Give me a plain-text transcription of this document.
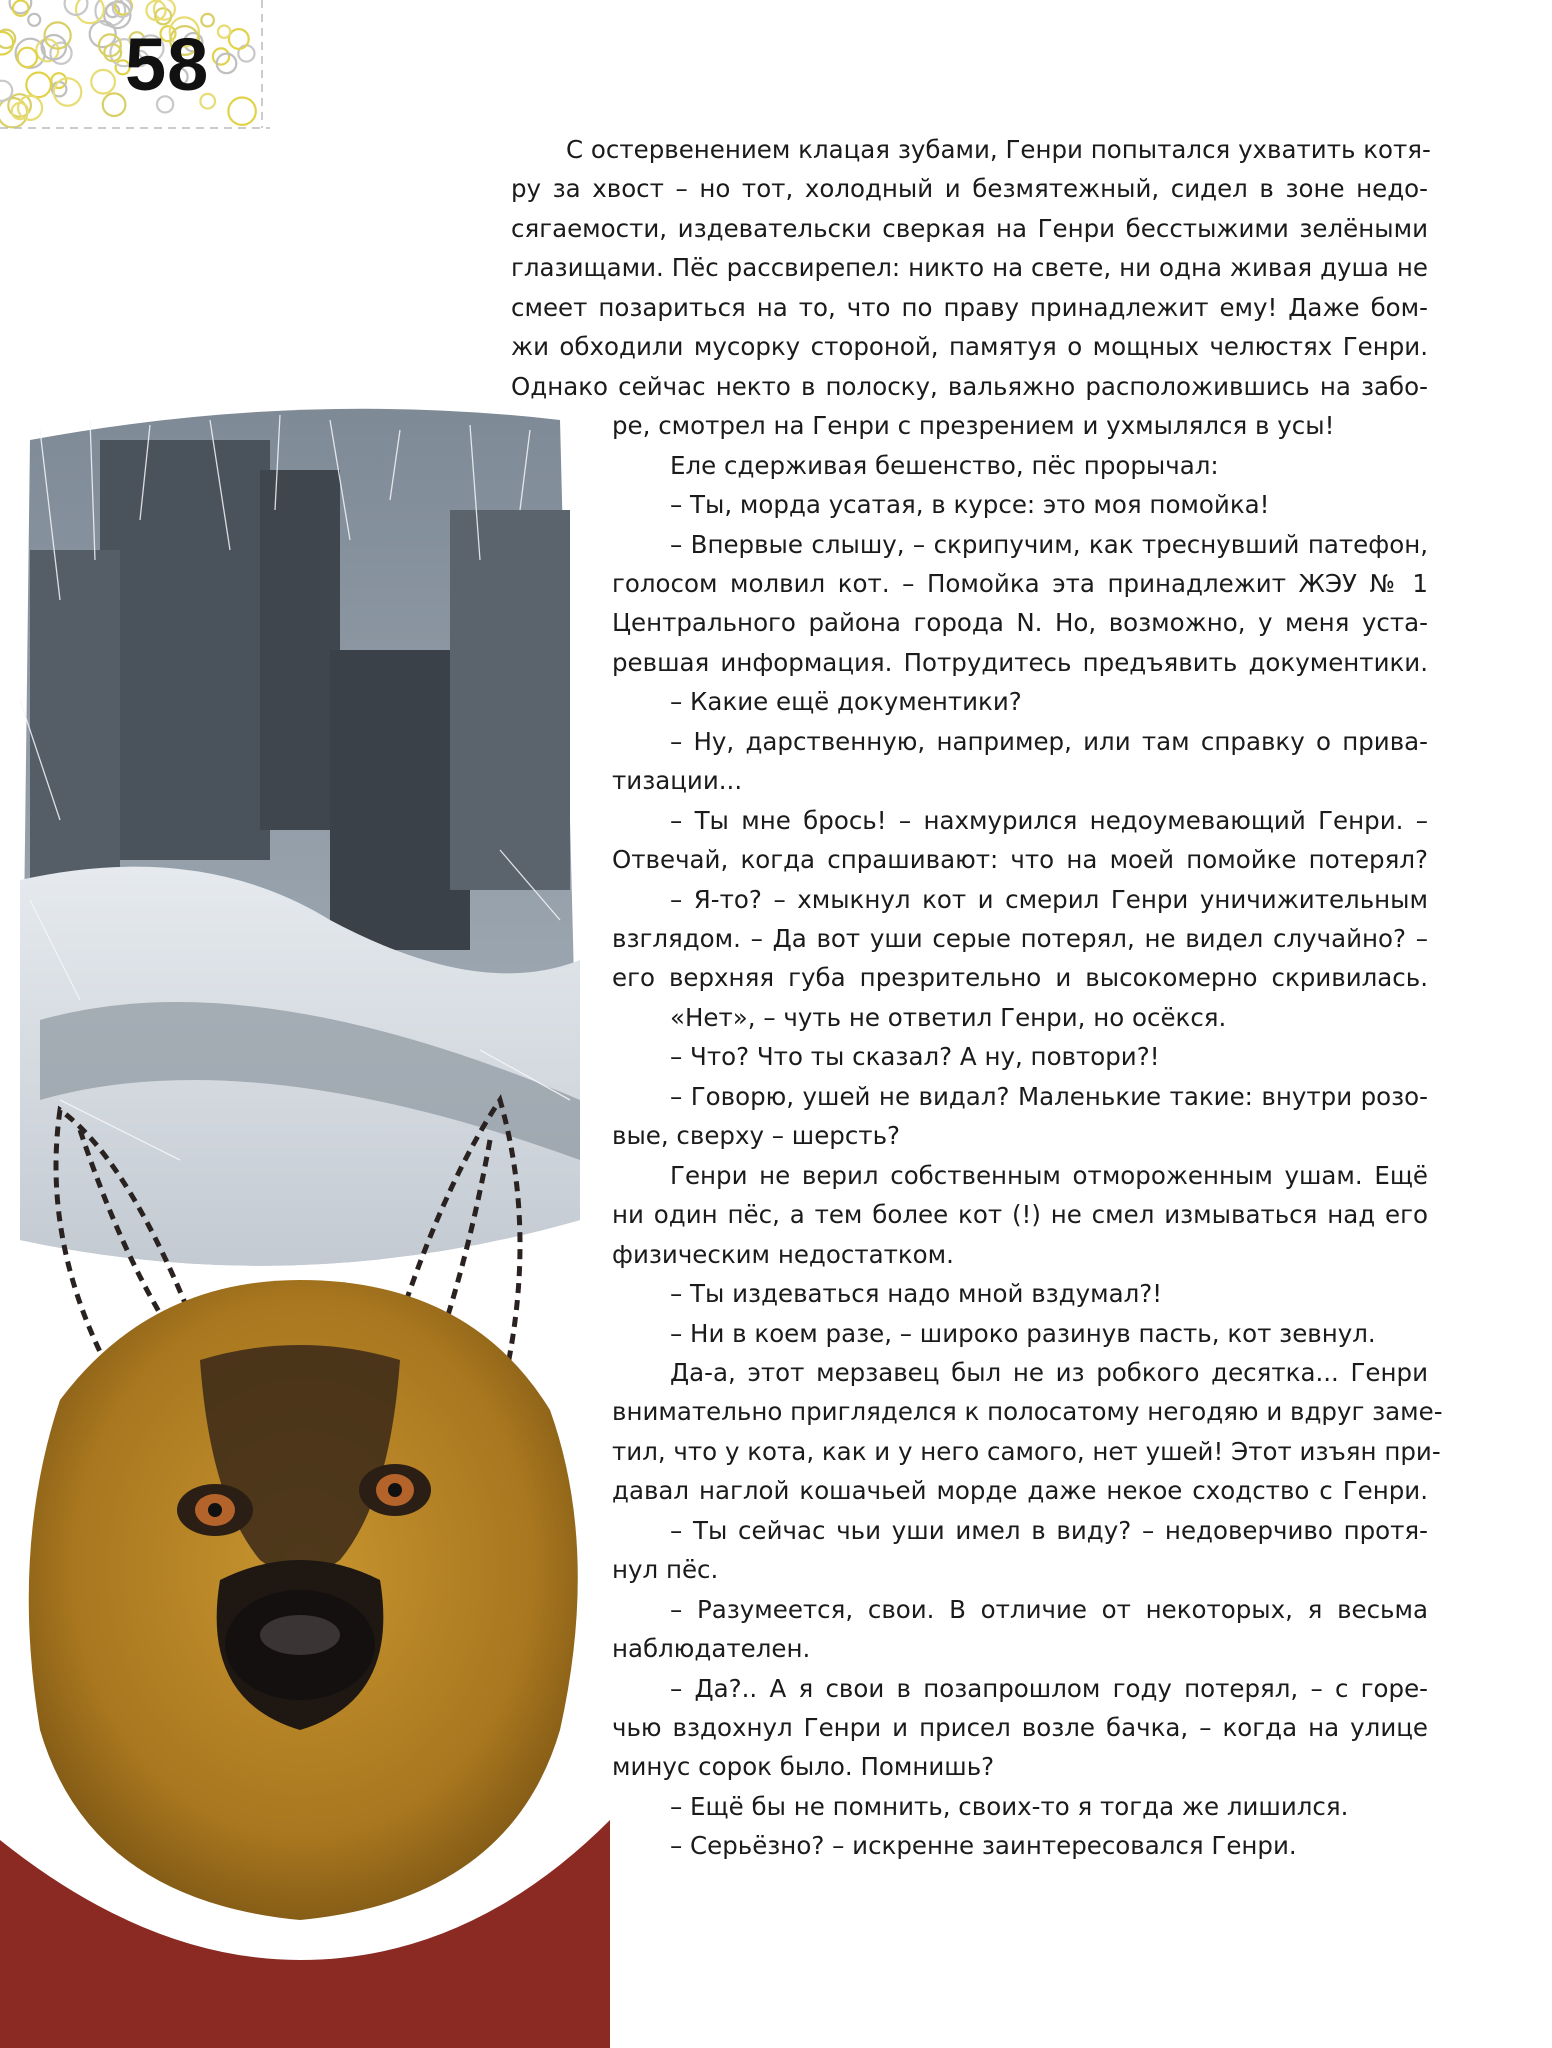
58
С остервенением клацая зубами, Генри попытался ухватить котя-
ру за хвост – но тот, холодный и безмятежный, сидел в зоне недо-
сягаемости, издевательски сверкая на Генри бесстыжими зелёными
глазищами. Пёс рассвирепел: никто на свете, ни одна живая душа не
смеет позариться на то, что по праву принадлежит ему! Даже бом-
жи обходили мусорку стороной, памятуя о мощных челюстях Генри.
Однако сейчас некто в полоску, вальяжно расположившись на забо-
ре, смотрел на Генри с презрением и ухмылялся в усы!
Еле сдерживая бешенство, пёс прорычал:
– Ты, морда усатая, в курсе: это моя помойка!
– Впервые слышу, – скрипучим, как треснувший патефон,
голосом молвил кот. – Помойка эта принадлежит ЖЭУ № 1
Центрального района города N. Но, возможно, у меня уста-
ревшая информация. Потрудитесь предъявить документики.
– Какие ещё документики?
– Ну, дарственную, например, или там справку о прива-
тизации...
– Ты мне брось! – нахмурился недоумевающий Генри. –
Отвечай, когда спрашивают: что на моей помойке потерял?
– Я-то? – хмыкнул кот и смерил Генри уничижительным
взглядом. – Да вот уши серые потерял, не видел случайно? –
его верхняя губа презрительно и высокомерно скривилась.
«Нет», – чуть не ответил Генри, но осёкся.
– Что? Что ты сказал? А ну, повтори?!
– Говорю, ушей не видал? Маленькие такие: внутри розо-
вые, сверху – шерсть?
Генри не верил собственным отмороженным ушам. Ещё
ни один пёс, а тем более кот (!) не смел измываться над его
физическим недостатком.
– Ты издеваться надо мной вздумал?!
– Ни в коем разе, – широко разинув пасть, кот зевнул.
Да-а, этот мерзавец был не из робкого десятка... Генри
внимательно пригляделся к полосатому негодяю и вдруг заме-
тил, что у кота, как и у него самого, нет ушей! Этот изъян при-
давал наглой кошачьей морде даже некое сходство с Генри.
– Ты сейчас чьи уши имел в виду? – недоверчиво протя-
нул пёс.
– Разумеется, свои. В отличие от некоторых, я весьма
наблюдателен.
– Да?.. А я свои в позапрошлом году потерял, – с горе-
чью вздохнул Генри и присел возле бачка, – когда на улице
минус сорок было. Помнишь?
– Ещё бы не помнить, своих-то я тогда же лишился.
– Серьёзно? – искренне заинтересовался Генри.
